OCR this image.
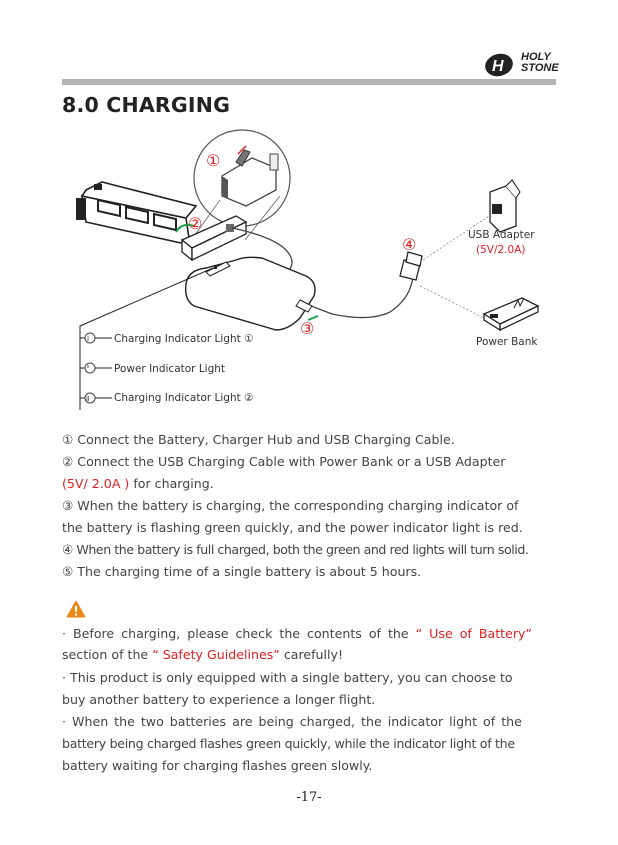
H
HOLY
STONE
8.0 CHARGING
Ⅰ
Ⅱ
①
②
③
④	USB Adapter
(5V/2.0A)
Power Bank
Charging Indicator Light ①
Power Indicator Light
Charging Indicator Light ②
① Connect the Battery, Charger Hub and USB Charging Cable.
② Connect the USB Charging Cable with Power Bank or a USB Adapter
(5V/ 2.0A ) for charging.
③ When the battery is charging, the corresponding charging indicator of
the battery is flashing green quickly, and the power indicator light is red.
④ When the battery is full charged, both the green and red lights will turn solid.
⑤ The charging time of a single battery is about 5 hours.
· Before charging, please check the contents of the “ Use of Battery”
section of the “ Safety Guidelines” carefully!
· This product is only equipped with a single battery, you can choose to
buy another battery to experience a longer flight.
· When the two batteries are being charged, the indicator light of the
battery being charged flashes green quickly, while the indicator light of the
battery waiting for charging flashes green slowly.
-17-
